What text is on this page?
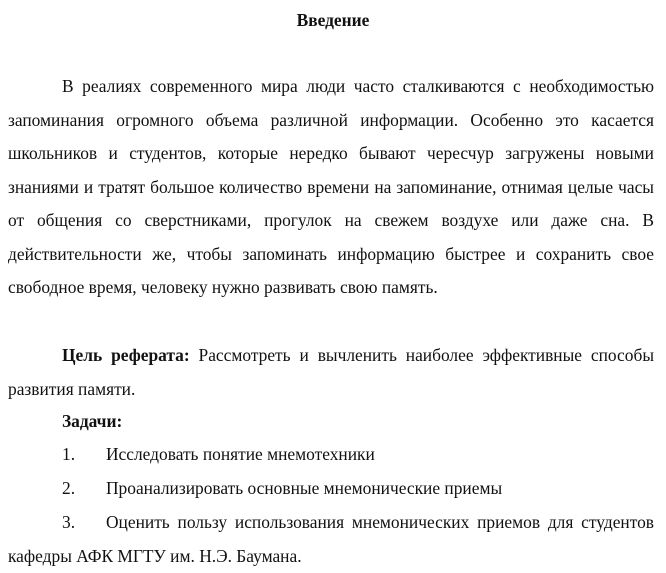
Введение
В реалиях современного мира люди часто сталкиваются с необходимостью запоминания огромного объема различной информации. Особенно это касается школьников и студентов, которые нередко бывают чересчур загружены новыми знаниями и тратят большое количество времени на запоминание, отнимая целые часы от общения со сверстниками, прогулок на свежем воздухе или даже сна. В действительности же, чтобы запоминать информацию быстрее и сохранить свое свободное время, человеку нужно развивать свою память.
Цель реферата: Рассмотреть и вычленить наиболее эффективные способы развития памяти.
Задачи:
1. Исследовать понятие мнемотехники
2. Проанализировать основные мнемонические приемы
3. Оценить пользу использования мнемонических приемов для студентов кафедры АФК МГТУ им. Н.Э. Баумана.
